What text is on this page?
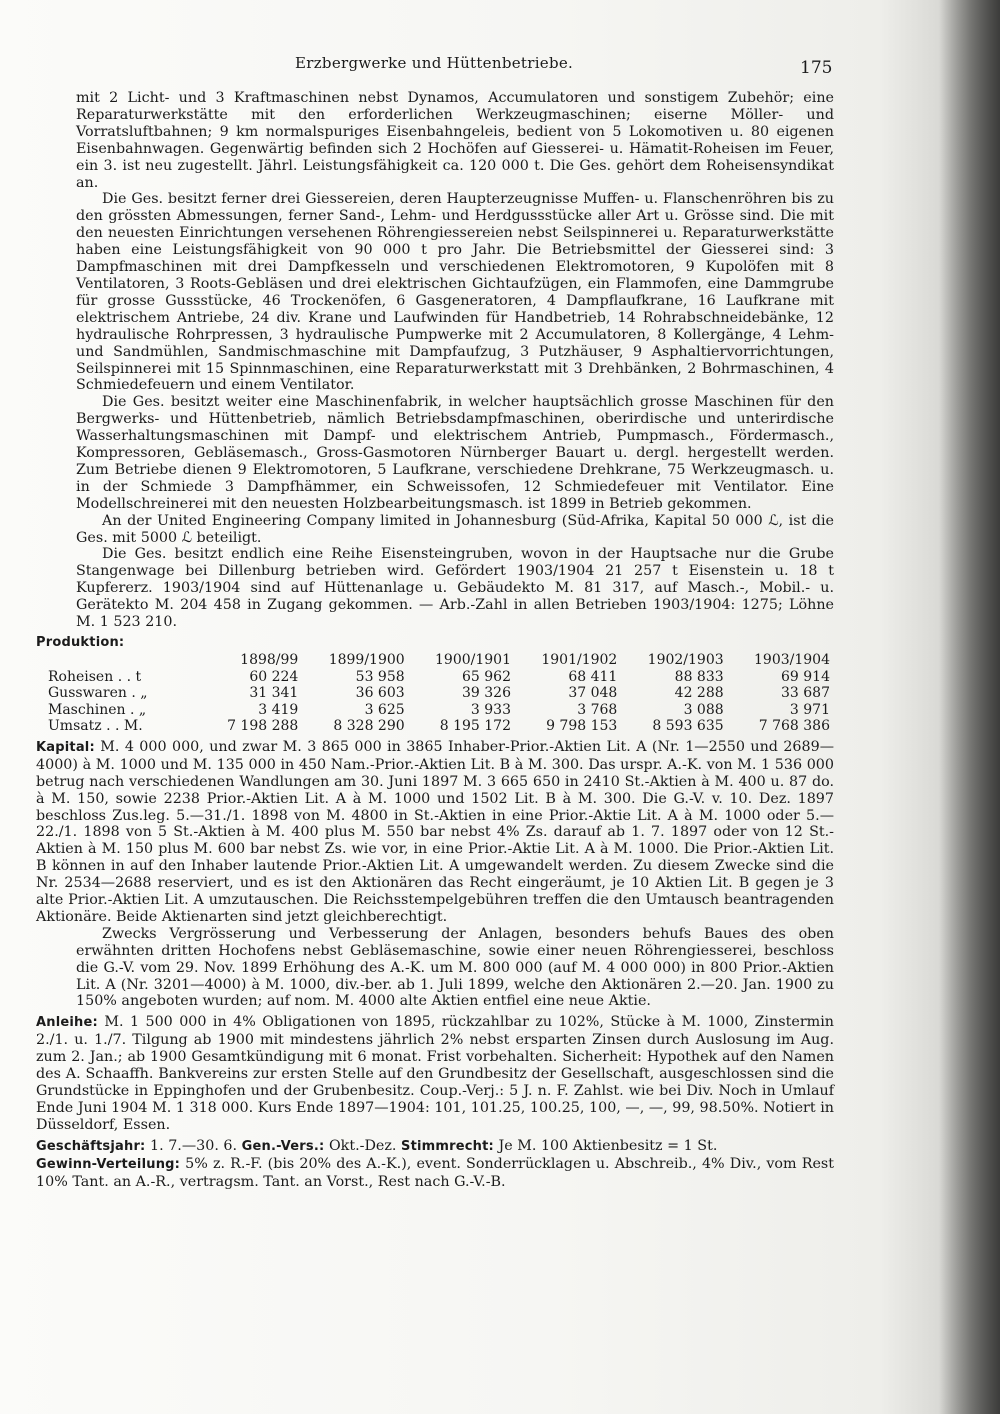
Erzbergwerke und Hüttenbetriebe.	175

mit 2 Licht- und 3 Kraftmaschinen nebst Dynamos, Accumulatoren und sonstigem Zubehör; eine Reparaturwerkstätte mit den erforderlichen Werkzeugmaschinen; eiserne Möller- und Vorratsluftbahnen; 9 km normalspuriges Eisenbahngeleis, bedient von 5 Lokomotiven u. 80 eigenen Eisenbahnwagen. Gegenwärtig befinden sich 2 Hochöfen auf Giesserei- u. Hämatit-Roheisen im Feuer, ein 3. ist neu zugestellt. Jährl. Leistungsfähigkeit ca. 120 000 t. Die Ges. gehört dem Roheisensyndikat an.

Die Ges. besitzt ferner drei Giessereien, deren Haupterzeugnisse Muffen- u. Flanschenröhren bis zu den grössten Abmessungen, ferner Sand-, Lehm- und Herdgussstücke aller Art u. Grösse sind. Die mit den neuesten Einrichtungen versehenen Röhrengiessereien nebst Seilspinnerei u. Reparaturwerkstätte haben eine Leistungsfähigkeit von 90 000 t pro Jahr. Die Betriebsmittel der Giesserei sind: 3 Dampfmaschinen mit drei Dampfkesseln und verschiedenen Elektromotoren, 9 Kupolöfen mit 8 Ventilatoren, 3 Roots-Gebläsen und drei elektrischen Gichtaufzügen, ein Flammofen, eine Dammgrube für grosse Gussstücke, 46 Trockenöfen, 6 Gasgeneratoren, 4 Dampflaufkrane, 16 Laufkrane mit elektrischem Antriebe, 24 div. Krane und Laufwinden für Handbetrieb, 14 Rohrabschneidebänke, 12 hydraulische Rohrpressen, 3 hydraulische Pumpwerke mit 2 Accumulatoren, 8 Kollergänge, 4 Lehm- und Sandmühlen, Sandmischmaschine mit Dampfaufzug, 3 Putzhäuser, 9 Asphaltiervorrichtungen, Seilspinnerei mit 15 Spinnmaschinen, eine Reparaturwerkstatt mit 3 Drehbänken, 2 Bohrmaschinen, 4 Schmiedefeuern und einem Ventilator.

Die Ges. besitzt weiter eine Maschinenfabrik, in welcher hauptsächlich grosse Maschinen für den Bergwerks- und Hüttenbetrieb, nämlich Betriebsdampfmaschinen, oberirdische und unterirdische Wasserhaltungsmaschinen mit Dampf- und elektrischem Antrieb, Pumpmasch., Fördermasch., Kompressoren, Gebläsemasch., Gross-Gasmotoren Nürnberger Bauart u. dergl. hergestellt werden. Zum Betriebe dienen 9 Elektromotoren, 5 Laufkrane, verschiedene Drehkrane, 75 Werkzeugmasch. u. in der Schmiede 3 Dampfhämmer, ein Schweissofen, 12 Schmiedefeuer mit Ventilator. Eine Modellschreinerei mit den neuesten Holzbearbeitungsmasch. ist 1899 in Betrieb gekommen.

An der United Engineering Company limited in Johannesburg (Süd-Afrika, Kapital 50 000 ℒ, ist die Ges. mit 5000 ℒ beteiligt.

Die Ges. besitzt endlich eine Reihe Eisensteingruben, wovon in der Hauptsache nur die Grube Stangenwage bei Dillenburg betrieben wird. Gefördert 1903/1904 21 257 t Eisenstein u. 18 t Kupfererz. 1903/1904 sind auf Hüttenanlage u. Gebäudekto M. 81 317, auf Masch.-, Mobil.- u. Gerätekto M. 204 458 in Zugang gekommen. — Arb.-Zahl in allen Betrieben 1903/1904: 1275; Löhne M. 1 523 210.

Produktion:
	1898/99	1899/1900	1900/1901	1901/1902	1902/1903	1903/1904
Roheisen . . t	60 224	53 958	65 962	68 411	88 833	69 914
Gusswaren . „	31 341	36 603	39 326	37 048	42 288	33 687
Maschinen . „	3 419	3 625	3 933	3 768	3 088	3 971
Umsatz . . M.	7 198 288	8 328 290	8 195 172	9 798 153	8 593 635	7 768 386

Kapital: M. 4 000 000, und zwar M. 3 865 000 in 3865 Inhaber-Prior.-Aktien Lit. A (Nr. 1—2550 und 2689—4000) à M. 1000 und M. 135 000 in 450 Nam.-Prior.-Aktien Lit. B à M. 300. Das urspr. A.-K. von M. 1 536 000 betrug nach verschiedenen Wandlungen am 30. Juni 1897 M. 3 665 650 in 2410 St.-Aktien à M. 400 u. 87 do. à M. 150, sowie 2238 Prior.-Aktien Lit. A à M. 1000 und 1502 Lit. B à M. 300. Die G.-V. v. 10. Dez. 1897 beschloss Zus.leg. 5.—31./1. 1898 von M. 4800 in St.-Aktien in eine Prior.-Aktie Lit. A à M. 1000 oder 5.—22./1. 1898 von 5 St.-Aktien à M. 400 plus M. 550 bar nebst 4% Zs. darauf ab 1. 7. 1897 oder von 12 St.-Aktien à M. 150 plus M. 600 bar nebst Zs. wie vor, in eine Prior.-Aktie Lit. A à M. 1000. Die Prior.-Aktien Lit. B können in auf den Inhaber lautende Prior.-Aktien Lit. A umgewandelt werden. Zu diesem Zwecke sind die Nr. 2534—2688 reserviert, und es ist den Aktionären das Recht eingeräumt, je 10 Aktien Lit. B gegen je 3 alte Prior.-Aktien Lit. A umzutauschen. Die Reichsstempelgebühren treffen die den Umtausch beantragenden Aktionäre. Beide Aktienarten sind jetzt gleichberechtigt.

Zwecks Vergrösserung und Verbesserung der Anlagen, besonders behufs Baues des oben erwähnten dritten Hochofens nebst Gebläsemaschine, sowie einer neuen Röhrengiesserei, beschloss die G.-V. vom 29. Nov. 1899 Erhöhung des A.-K. um M. 800 000 (auf M. 4 000 000) in 800 Prior.-Aktien Lit. A (Nr. 3201—4000) à M. 1000, div.-ber. ab 1. Juli 1899, welche den Aktionären 2.—20. Jan. 1900 zu 150% angeboten wurden; auf nom. M. 4000 alte Aktien entfiel eine neue Aktie.

Anleihe: M. 1 500 000 in 4% Obligationen von 1895, rückzahlbar zu 102%, Stücke à M. 1000, Zinstermin 2./1. u. 1./7. Tilgung ab 1900 mit mindestens jährlich 2% nebst ersparten Zinsen durch Auslosung im Aug. zum 2. Jan.; ab 1900 Gesamtkündigung mit 6 monat. Frist vorbehalten. Sicherheit: Hypothek auf den Namen des A. Schaaffh. Bankvereins zur ersten Stelle auf den Grundbesitz der Gesellschaft, ausgeschlossen sind die Grundstücke in Eppinghofen und der Grubenbesitz. Coup.-Verj.: 5 J. n. F. Zahlst. wie bei Div. Noch in Umlauf Ende Juni 1904 M. 1 318 000. Kurs Ende 1897—1904: 101, 101.25, 100.25, 100, —, —, 99, 98.50%. Notiert in Düsseldorf, Essen.

Geschäftsjahr: 1. 7.—30. 6. Gen.-Vers.: Okt.-Dez. Stimmrecht: Je M. 100 Aktienbesitz = 1 St.

Gewinn-Verteilung: 5% z. R.-F. (bis 20% des A.-K.), event. Sonderrücklagen u. Abschreib., 4% Div., vom Rest 10% Tant. an A.-R., vertragsm. Tant. an Vorst., Rest nach G.-V.-B.
